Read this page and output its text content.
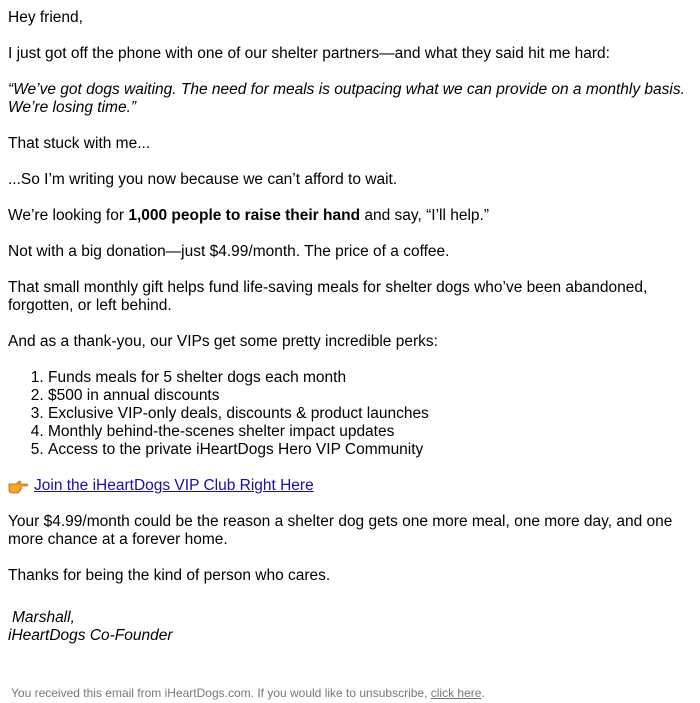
Hey friend,

I just got off the phone with one of our shelter partners—and what they said hit me hard:

“We’ve got dogs waiting. The need for meals is outpacing what we can provide on a monthly basis. We’re losing time.”

That stuck with me...

...So I’m writing you now because we can’t afford to wait.

We’re looking for 1,000 people to raise their hand and say, “I’ll help.”

Not with a big donation—just $4.99/month. The price of a coffee.

That small monthly gift helps fund life-saving meals for shelter dogs who’ve been abandoned, forgotten, or left behind.

And as a thank-you, our VIPs get some pretty incredible perks:

1. Funds meals for 5 shelter dogs each month
2. $500 in annual discounts
3. Exclusive VIP-only deals, discounts & product launches
4. Monthly behind-the-scenes shelter impact updates
5. Access to the private iHeartDogs Hero VIP Community
Join the iHeartDogs VIP Club Right Here

Your $4.99/month could be the reason a shelter dog gets one more meal, one more day, and one more chance at a forever home.

Thanks for being the kind of person who cares.

Marshall,
iHeartDogs Co-Founder
You received this email from iHeartDogs.com. If you would like to unsubscribe, click here.
